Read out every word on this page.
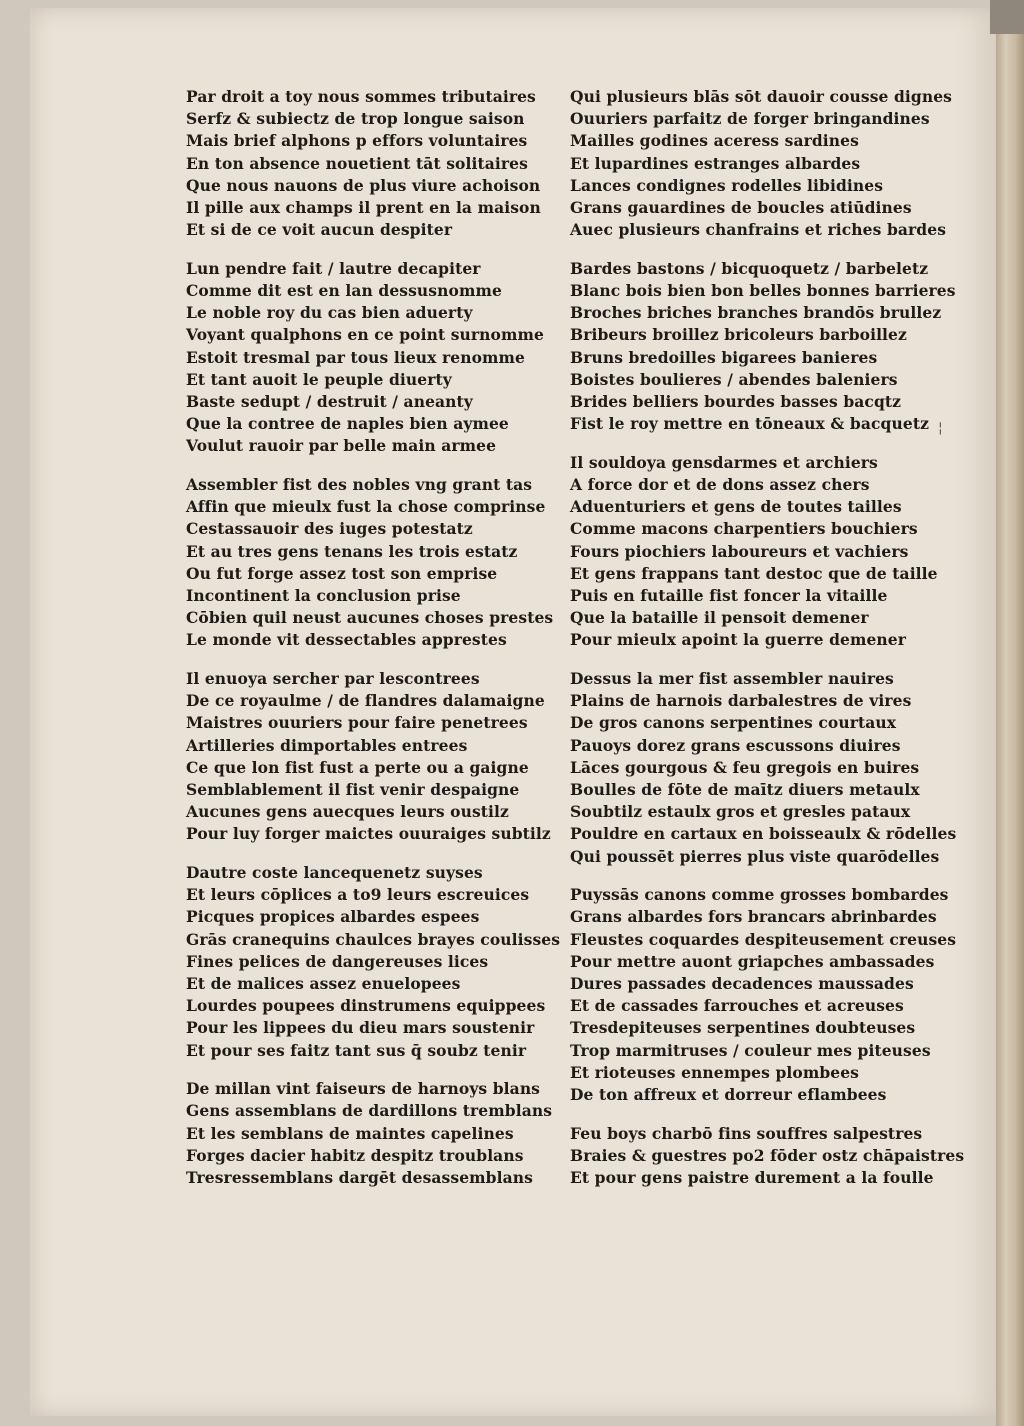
Par droit a toy nous sommes tributaires
Serfz & subiectz de trop longue saison
Mais brief alphons p effors voluntaires
En ton absence nouetient tāt solitaires
Que nous nauons de plus viure achoison
Il pille aux champs il prent en la maison
Et si de ce voit aucun despiter
Lun pendre fait / lautre decapiter
Comme dit est en lan dessusnomme
Le noble roy du cas bien aduerty
Voyant qualphons en ce point surnomme
Estoit tresmal par tous lieux renomme
Et tant auoit le peuple diuerty
Baste sedupt / destruit / aneanty
Que la contree de naples bien aymee
Voulut rauoir par belle main armee
Assembler fist des nobles vng grant tas
Affin que mieulx fust la chose comprinse
Cestassauoir des iuges potestatz
Et au tres gens tenans les trois estatz
Ou fut forge assez tost son emprise
Incontinent la conclusion prise
Cōbien quil neust aucunes choses prestes
Le monde vit dessectables apprestes
Il enuoya sercher par lescontrees
De ce royaulme / de flandres dalamaigne
Maistres ouuriers pour faire penetrees
Artilleries dimportables entrees
Ce que lon fist fust a perte ou a gaigne
Semblablement il fist venir despaigne
Aucunes gens auecques leurs oustilz
Pour luy forger maictes ouuraiges subtilz
Dautre coste lancequenetz suyses
Et leurs cōplices a to9 leurs escreuices
Picques propices albardes espees
Grās cranequins chaulces brayes coulisses
Fines pelices de dangereuses lices
Et de malices assez enuelopees
Lourdes poupees dinstrumens equippees
Pour les lippees du dieu mars soustenir
Et pour ses faitz tant sus q̄ soubz tenir
De millan vint faiseurs de harnoys blans
Gens assemblans de dardillons tremblans
Et les semblans de maintes capelines
Forges dacier habitz despitz troublans
Tresressemblans dargēt desassemblans
Qui plusieurs blās sōt dauoir cousse dignes
Ouuriers parfaitz de forger bringandines
Mailles godines aceress sardines
Et lupardines estranges albardes
Lances condignes rodelles libidines
Grans gauardines de boucles atiūdines
Auec plusieurs chanfrains et riches bardes
Bardes bastons / bicquoquetz / barbeletz
Blanc bois bien bon belles bonnes barrieres
Broches briches branches brandōs brullez
Bribeurs broillez bricoleurs barboillez
Bruns bredoilles bigarees banieres
Boistes boulieres / abendes baleniers
Brides belliers bourdes basses bacqtz
Fist le roy mettre en tōneaux & bacquetz
Il souldoya gensdarmes et archiers
A force dor et de dons assez chers
Aduenturiers et gens de toutes tailles
Comme macons charpentiers bouchiers
Fours piochiers laboureurs et vachiers
Et gens frappans tant destoc que de taille
Puis en futaille fist foncer la vitaille
Que la bataille il pensoit demener
Pour mieulx apoint la guerre demener
Dessus la mer fist assembler nauires
Plains de harnois darbalestres de vires
De gros canons serpentines courtaux
Pauoys dorez grans escussons diuires
Lāces gourgous & feu gregois en buires
Boulles de fōte de maītz diuers metaulx
Soubtilz estaulx gros et gresles pataux
Pouldre en cartaux en boisseaulx & rōdelles
Qui poussēt pierres plus viste quarōdelles
Puyssās canons comme grosses bombardes
Grans albardes fors brancars abrinbardes
Fleustes coquardes despiteusement creuses
Pour mettre auont griapches ambassades
Dures passades decadences maussades
Et de cassades farrouches et acreuses
Tresdepiteuses serpentines doubteuses
Trop marmitruses / couleur mes piteuses
Et rioteuses ennempes plombees
De ton affreux et dorreur eflambees
Feu boys charbō fins souffres salpestres
Braies & guestres po2 fōder ostz chāpaistres
Et pour gens paistre durement a la foulle
¦
